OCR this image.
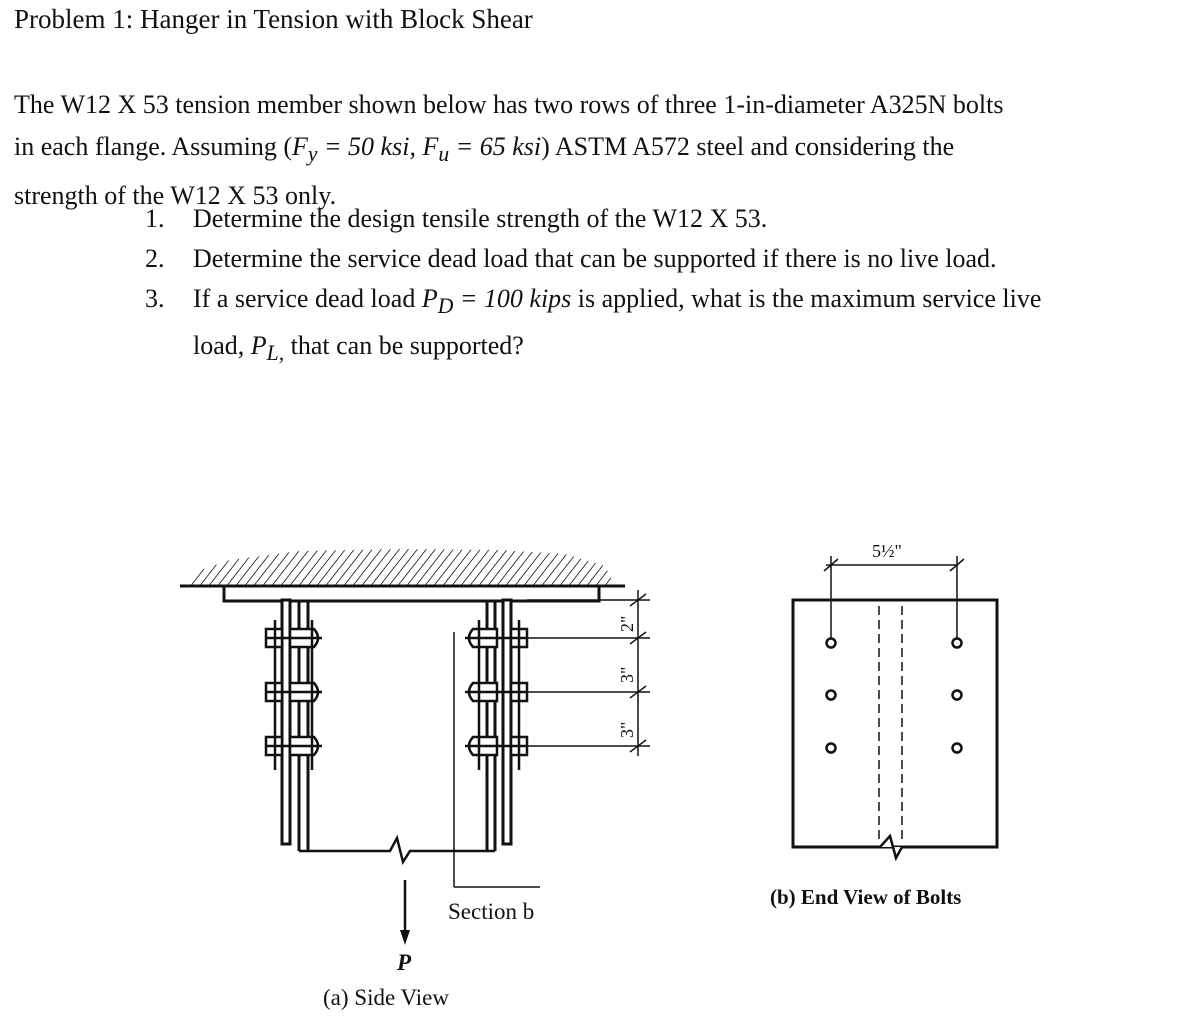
Problem 1: Hanger in Tension with Block Shear
The W12 X 53 tension member shown below has two rows of three 1-in-diameter A325N bolts
in each flange. Assuming ($F_y = 50$ ksi, $F_u = 65$ ksi) ASTM A572 steel and considering the
strength of the W12 X 53 only.
1. Determine the design tensile strength of the W12 X 53.
2. Determine the service dead load that can be supported if there is no live load.
3. If a service dead load $P_D = 100$ kips is applied, what is the maximum service live
load, $P_{L,}$ that can be supported?
2"
3"
3"
Section b
P
(a) Side View
5½"
(b) End View of Bolts
